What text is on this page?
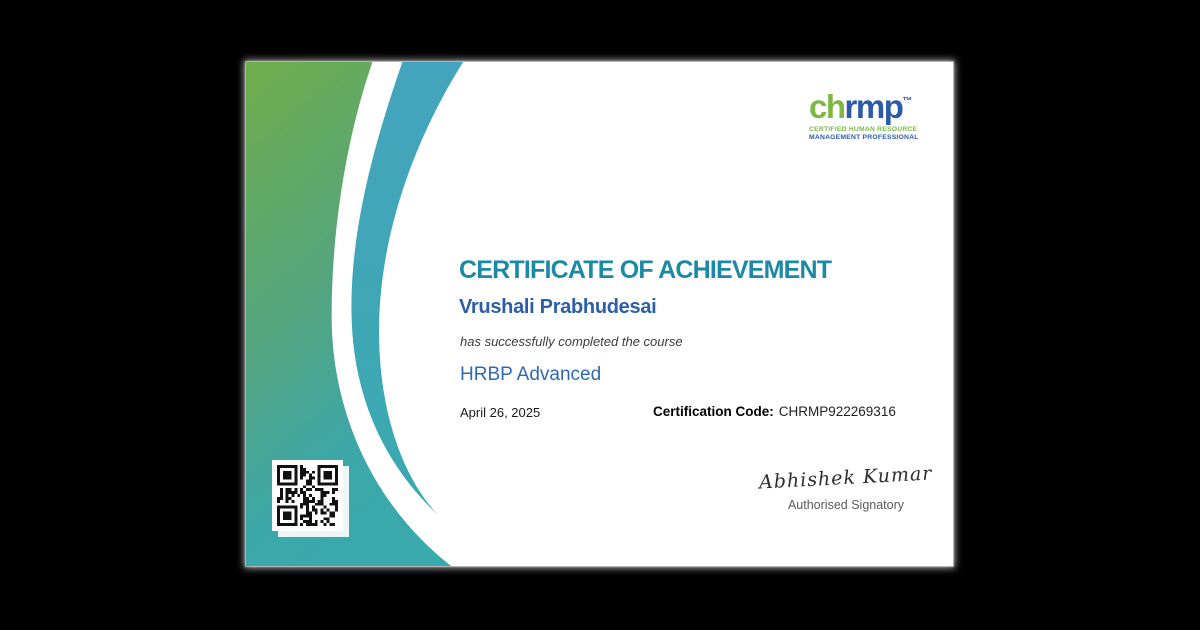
chrmp™
CERTIFIED HUMAN RESOURCE
MANAGEMENT PROFESSIONAL
CERTIFICATE OF ACHIEVEMENT
Vrushali Prabhudesai
has successfully completed the course
HRBP Advanced
April 26, 2025	Certification Code: CHRMP922269316
Abhishek Kumar
Authorised Signatory
